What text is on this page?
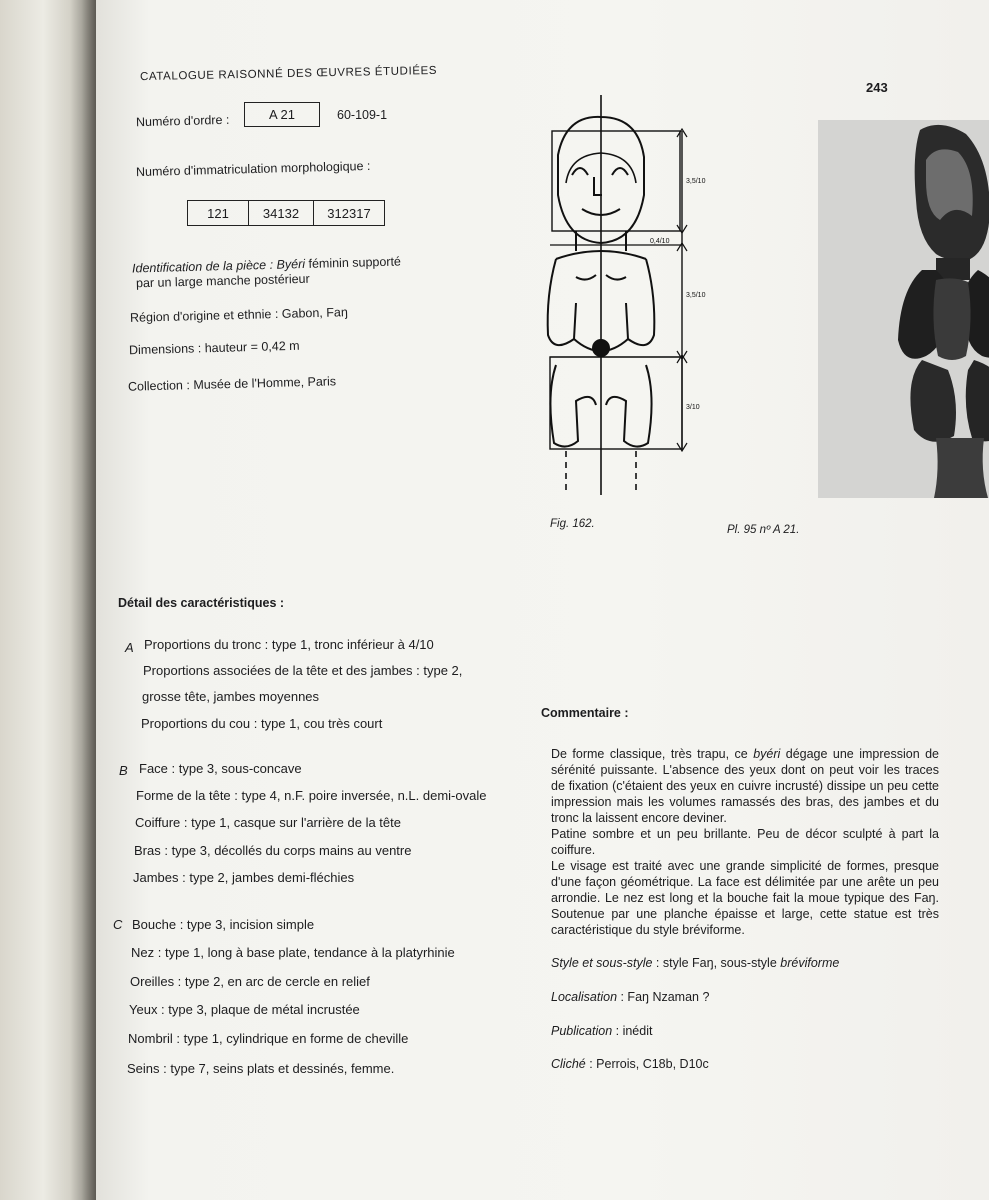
CATALOGUE RAISONNÉ DES ŒUVRES ÉTUDIÉES
243
Numéro d'ordre :	A 21	60-109-1
Numéro d'immatriculation morphologique :
121	34132	312317
Identification de la pièce : Byéri féminin supporté
par un large manche postérieur
Région d'origine et ethnie : Gabon, Faŋ
Dimensions : hauteur = 0,42 m
Collection : Musée de l'Homme, Paris
3,5/10
0,4/10
3,5/10
3/10
Fig. 162.	Pl. 95 nº A 21.
Détail des caractéristiques :
A Proportions du tronc : type 1, tronc inférieur à 4/10
Proportions associées de la tête et des jambes : type 2,
grosse tête, jambes moyennes
Proportions du cou : type 1, cou très court
B Face : type 3, sous-concave
Forme de la tête : type 4, n.F. poire inversée, n.L. demi-ovale
Coiffure : type 1, casque sur l'arrière de la tête
Bras : type 3, décollés du corps mains au ventre
Jambes : type 2, jambes demi-fléchies
C Bouche : type 3, incision simple
Nez : type 1, long à base plate, tendance à la platyrhinie
Oreilles : type 2, en arc de cercle en relief
Yeux : type 3, plaque de métal incrustée
Nombril : type 1, cylindrique en forme de cheville
Seins : type 7, seins plats et dessinés, femme.
Commentaire :

De forme classique, très trapu, ce byéri dégage une impression de sérénité puissante. L'absence des yeux dont on peut voir les traces de fixation (c'étaient des yeux en cuivre incrusté) dissipe un peu cette impression mais les volumes ramassés des bras, des jambes et du tronc la laissent encore deviner.

Patine sombre et un peu brillante. Peu de décor sculpté à part la coiffure.

Le visage est traité avec une grande simplicité de formes, presque d'une façon géométrique. La face est délimitée par une arête un peu arrondie. Le nez est long et la bouche fait la moue typique des Faŋ. Soutenue par une planche épaisse et large, cette statue est très caractéristique du style bréviforme.

Style et sous-style : style Faŋ, sous-style bréviforme
Localisation : Faŋ Nzaman ?
Publication : inédit
Cliché : Perrois, C18b, D10c
